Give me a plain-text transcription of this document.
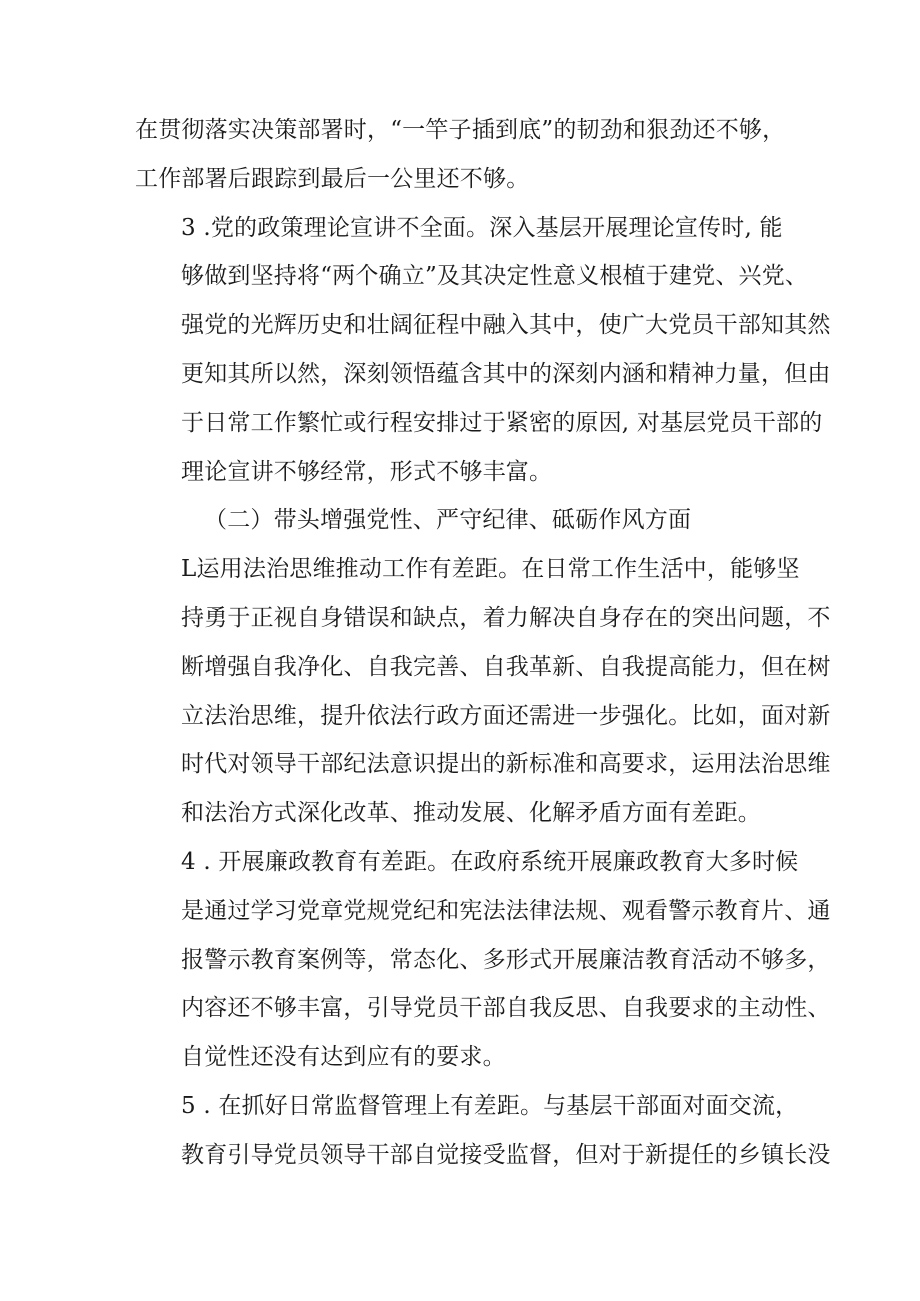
在贯彻落实决策部署时，“一竿子插到底”的韧劲和狠劲还不够，
工作部署后跟踪到最后一公里还不够。

3 .党的政策理论宣讲不全面。深入基层开展理论宣传时, 能
够做到坚持将“两个确立”及其决定性意义根植于建党、兴党、
强党的光辉历史和壮阔征程中融入其中，使广大党员干部知其然
更知其所以然，深刻领悟蕴含其中的深刻内涵和精神力量，但由
于日常工作繁忙或行程安排过于紧密的原因, 对基层党员干部的
理论宣讲不够经常，形式不够丰富。

（二）带头增强党性、严守纪律、砥砺作风方面

L运用法治思维推动工作有差距。在日常工作生活中，能够坚
持勇于正视自身错误和缺点，着力解决自身存在的突出问题，不
断增强自我净化、自我完善、自我革新、自我提高能力，但在树
立法治思维，提升依法行政方面还需进一步强化。比如，面对新
时代对领导干部纪法意识提出的新标准和高要求，运用法治思维
和法治方式深化改革、推动发展、化解矛盾方面有差距。

4 . 开展廉政教育有差距。在政府系统开展廉政教育大多时候
是通过学习党章党规党纪和宪法法律法规、观看警示教育片、通
报警示教育案例等，常态化、多形式开展廉洁教育活动不够多，
内容还不够丰富，引导党员干部自我反思、自我要求的主动性、
自觉性还没有达到应有的要求。

5 . 在抓好日常监督管理上有差距。与基层干部面对面交流，
教育引导党员领导干部自觉接受监督，但对于新提任的乡镇长没
